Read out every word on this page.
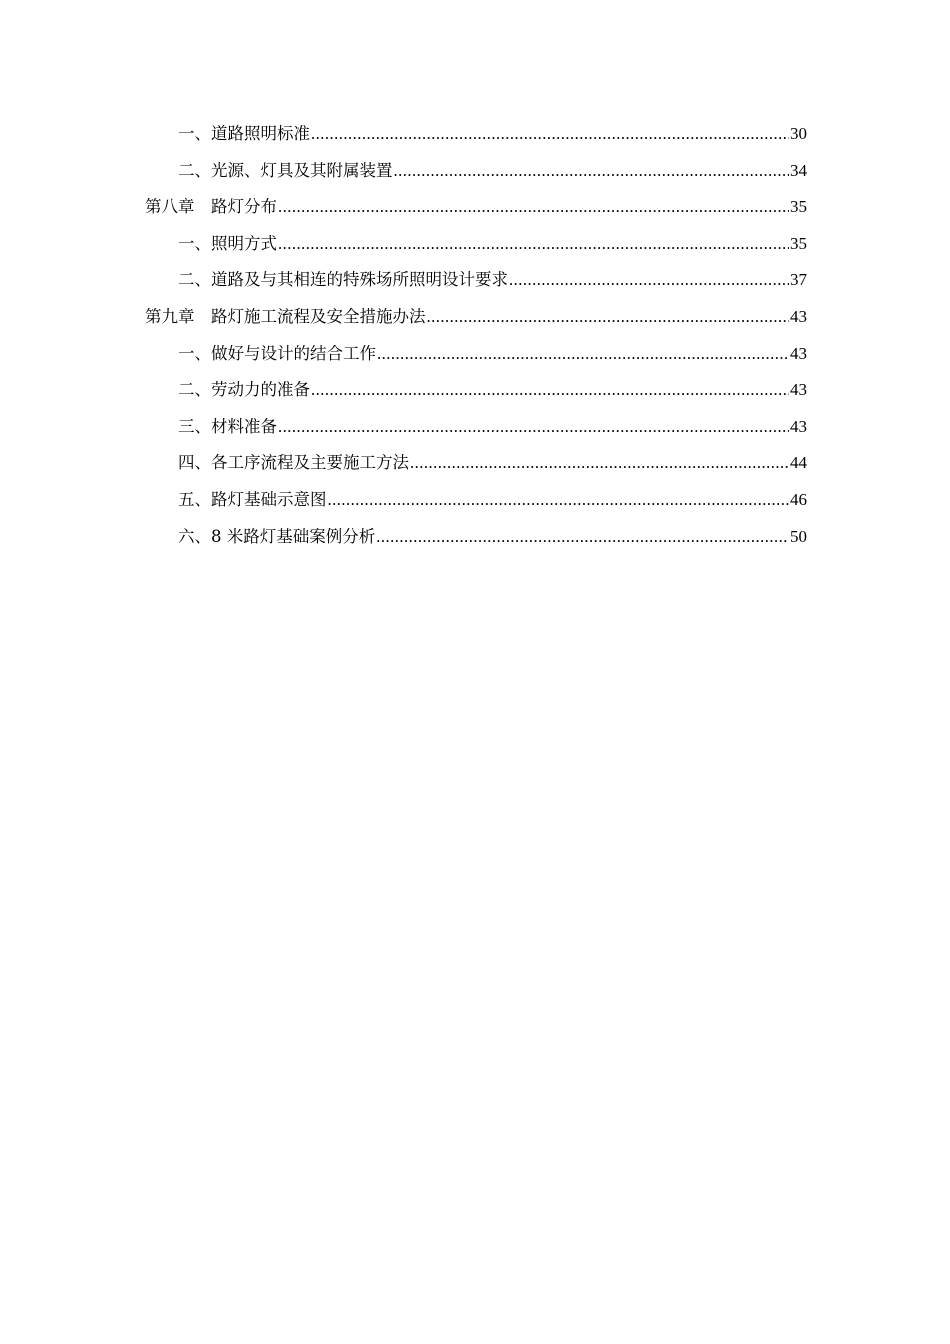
一、道路照明标准 .....	30
二、光源、灯具及其附属装置 .....	34
第八章　路灯分布 .....	35
一、照明方式 .....	35
二、道路及与其相连的特殊场所照明设计要求 .....	37
第九章　路灯施工流程及安全措施办法 .....	43
一、做好与设计的结合工作 .....	43
二、劳动力的准备 .....	43
三、材料准备 .....	43
四、各工序流程及主要施工方法 .....	44
五、路灯基础示意图 .....	46
六、8 米路灯基础案例分析 .....	50
